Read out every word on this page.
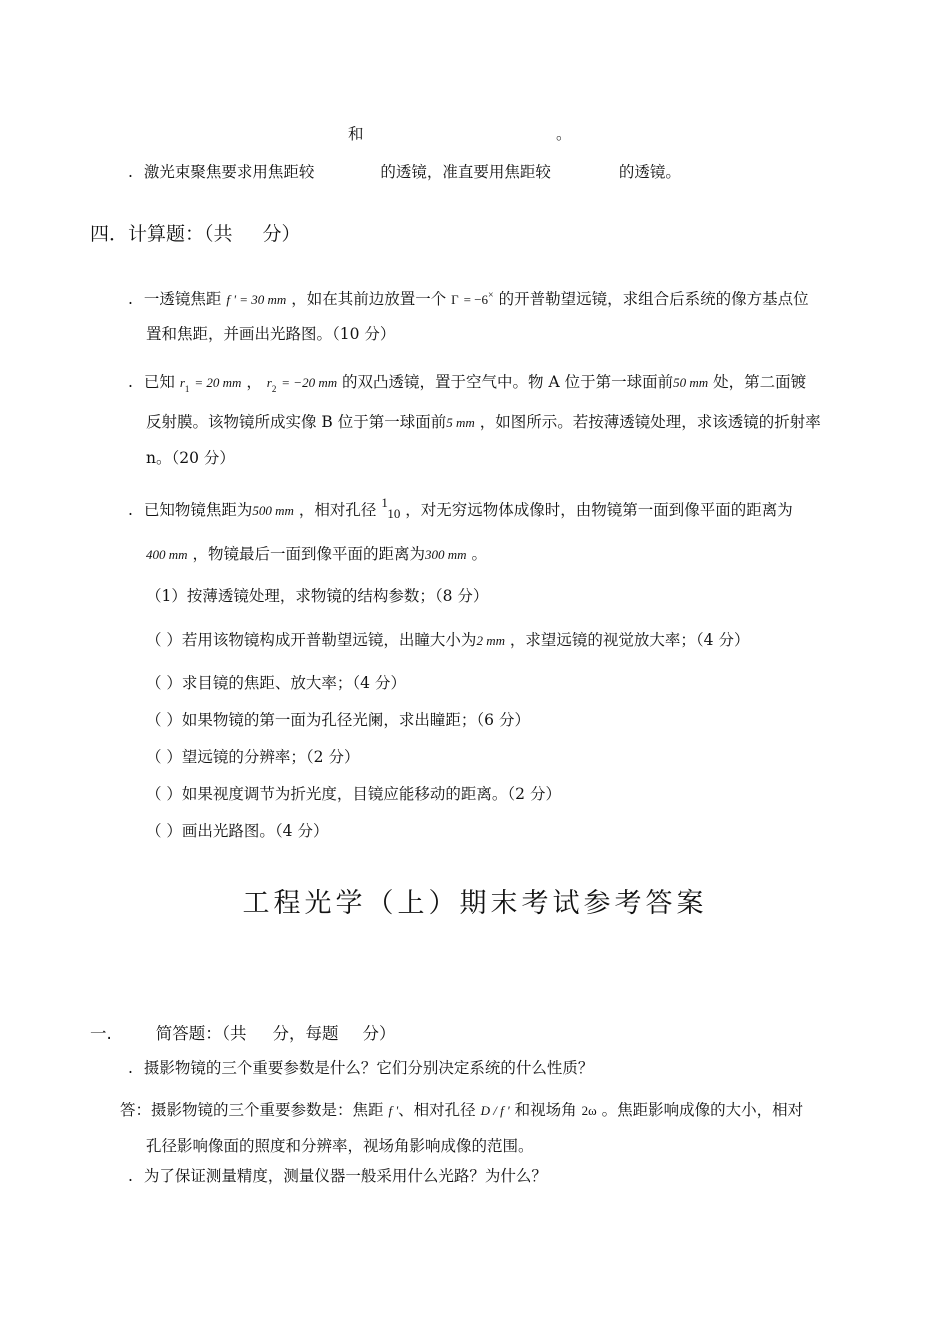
和	。
. 激光束聚焦要求用焦距较	的透镜，准直要用焦距较	的透镜。
四．计算题：（共 分）
. 一透镜焦距 f ' = 30 mm ，如在其前边放置一个 Γ = −6× 的开普勒望远镜，求组合后系统的像方基点位
置和焦距，并画出光路图。（10 分）
. 已知 $r_1 = 20$ mm ， $r_2 = -20$ mm 的双凸透镜，置于空气中。物 A 位于第一球面前50 mm 处，第二面镀
反射膜。该物镜所成实像 B 位于第一球面前5 mm ，如图所示。若按薄透镜处理，求该透镜的折射率
n。（20 分）
. 已知物镜焦距为500 mm ，相对孔径 $^1$10 ，对无穷远物体成像时，由物镜第一面到像平面的距离为
400 mm ，物镜最后一面到像平面的距离为300 mm 。
（1）按薄透镜处理，求物镜的结构参数；（8 分）
（ ）若用该物镜构成开普勒望远镜，出瞳大小为2 mm ，求望远镜的视觉放大率；（4 分）
（ ）求目镜的焦距、放大率；（4 分）
（ ）如果物镜的第一面为孔径光阑，求出瞳距；（6 分）
（ ）望远镜的分辨率；（2 分）
（ ）如果视度调节为折光度，目镜应能移动的距离。（2 分）
（ ）画出光路图。（4 分）
工程光学（上）期末考试参考答案
一.	简答题：（共 分，每题 分）
. 摄影物镜的三个重要参数是什么？它们分别决定系统的什么性质？
答：摄影物镜的三个重要参数是：焦距 f '、相对孔径 D / f ' 和视场角 2ω 。焦距影响成像的大小，相对
孔径影响像面的照度和分辨率，视场角影响成像的范围。
. 为了保证测量精度，测量仪器一般采用什么光路？为什么？
